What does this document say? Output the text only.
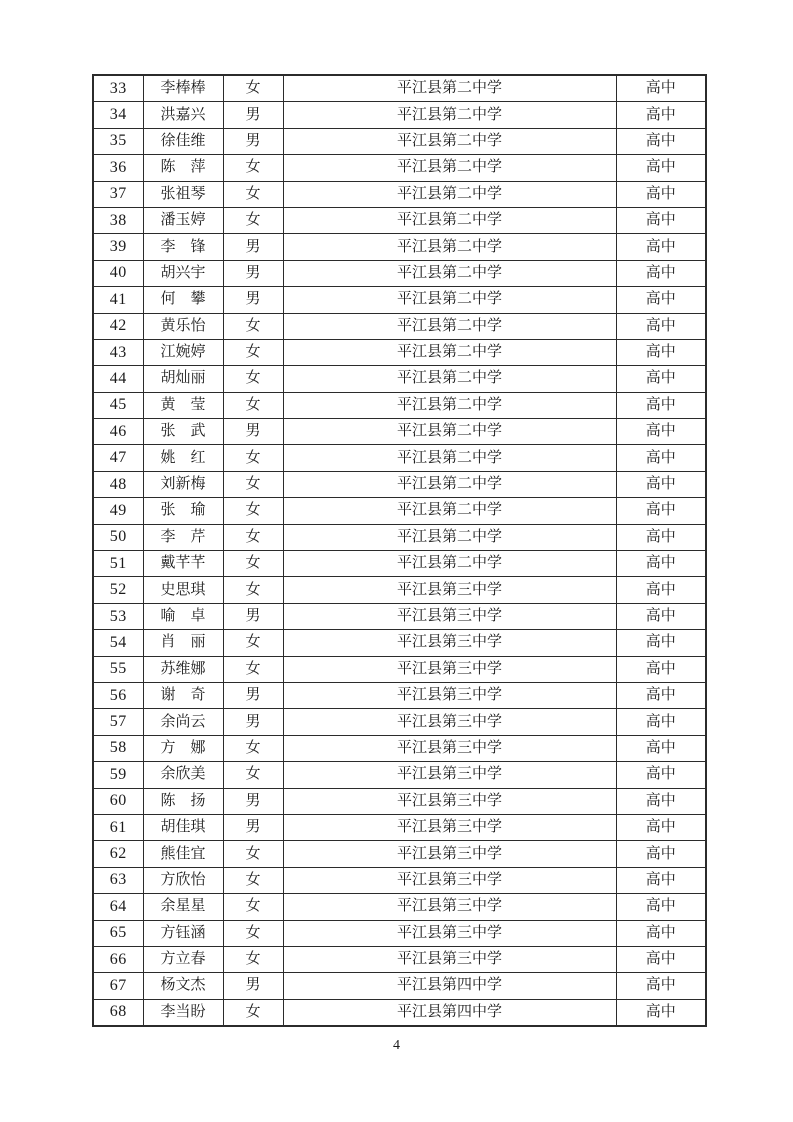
33	李棒棒	女	平江县第二中学	高中
34	洪嘉兴	男	平江县第二中学	高中
35	徐佳维	男	平江县第二中学	高中
36	陈　萍	女	平江县第二中学	高中
37	张祖琴	女	平江县第二中学	高中
38	潘玉婷	女	平江县第二中学	高中
39	李　锋	男	平江县第二中学	高中
40	胡兴宇	男	平江县第二中学	高中
41	何　攀	男	平江县第二中学	高中
42	黄乐怡	女	平江县第二中学	高中
43	江婉婷	女	平江县第二中学	高中
44	胡灿丽	女	平江县第二中学	高中
45	黄　莹	女	平江县第二中学	高中
46	张　武	男	平江县第二中学	高中
47	姚　红	女	平江县第二中学	高中
48	刘新梅	女	平江县第二中学	高中
49	张　瑜	女	平江县第二中学	高中
50	李　芹	女	平江县第二中学	高中
51	戴芊芊	女	平江县第二中学	高中
52	史思琪	女	平江县第三中学	高中
53	喻　卓	男	平江县第三中学	高中
54	肖　丽	女	平江县第三中学	高中
55	苏维娜	女	平江县第三中学	高中
56	谢　奇	男	平江县第三中学	高中
57	余尚云	男	平江县第三中学	高中
58	方　娜	女	平江县第三中学	高中
59	余欣美	女	平江县第三中学	高中
60	陈　扬	男	平江县第三中学	高中
61	胡佳琪	男	平江县第三中学	高中
62	熊佳宜	女	平江县第三中学	高中
63	方欣怡	女	平江县第三中学	高中
64	余星星	女	平江县第三中学	高中
65	方钰涵	女	平江县第三中学	高中
66	方立春	女	平江县第三中学	高中
67	杨文杰	男	平江县第四中学	高中
68	李当盼	女	平江县第四中学	高中
4
